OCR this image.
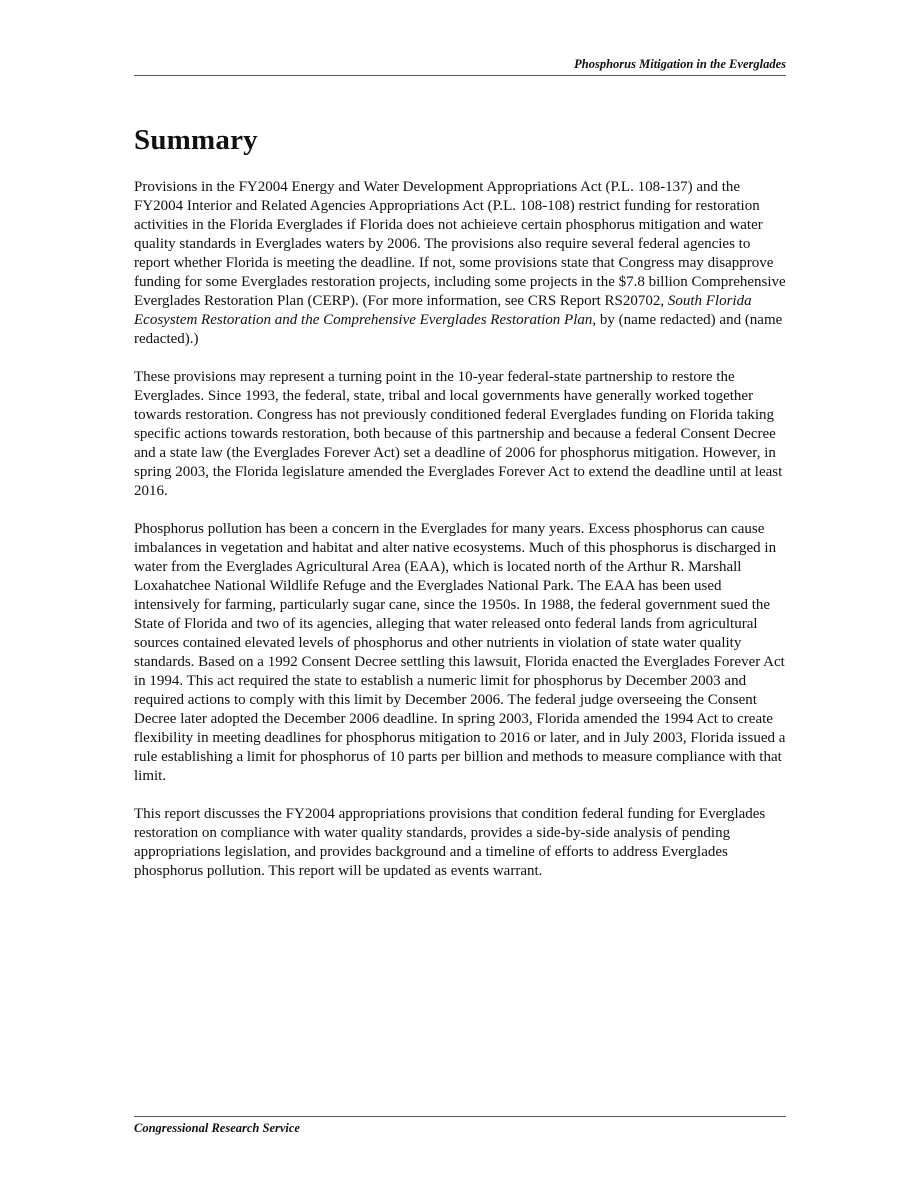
Phosphorus Mitigation in the Everglades
Summary

Provisions in the FY2004 Energy and Water Development Appropriations Act (P.L. 108-137) and the FY2004 Interior and Related Agencies Appropriations Act (P.L. 108-108) restrict funding for restoration activities in the Florida Everglades if Florida does not achieieve certain phosphorus mitigation and water quality standards in Everglades waters by 2006. The provisions also require several federal agencies to report whether Florida is meeting the deadline. If not, some provisions state that Congress may disapprove funding for some Everglades restoration projects, including some projects in the $7.8 billion Comprehensive Everglades Restoration Plan (CERP). (For more information, see CRS Report RS20702, South Florida Ecosystem Restoration and the Comprehensive Everglades Restoration Plan, by (name redacted) and (name redacted).)

These provisions may represent a turning point in the 10-year federal-state partnership to restore the Everglades. Since 1993, the federal, state, tribal and local governments have generally worked together towards restoration. Congress has not previously conditioned federal Everglades funding on Florida taking specific actions towards restoration, both because of this partnership and because a federal Consent Decree and a state law (the Everglades Forever Act) set a deadline of 2006 for phosphorus mitigation. However, in spring 2003, the Florida legislature amended the Everglades Forever Act to extend the deadline until at least 2016.

Phosphorus pollution has been a concern in the Everglades for many years. Excess phosphorus can cause imbalances in vegetation and habitat and alter native ecosystems. Much of this phosphorus is discharged in water from the Everglades Agricultural Area (EAA), which is located north of the Arthur R. Marshall Loxahatchee National Wildlife Refuge and the Everglades National Park. The EAA has been used intensively for farming, particularly sugar cane, since the 1950s. In 1988, the federal government sued the State of Florida and two of its agencies, alleging that water released onto federal lands from agricultural sources contained elevated levels of phosphorus and other nutrients in violation of state water quality standards. Based on a 1992 Consent Decree settling this lawsuit, Florida enacted the Everglades Forever Act in 1994. This act required the state to establish a numeric limit for phosphorus by December 2003 and required actions to comply with this limit by December 2006. The federal judge overseeing the Consent Decree later adopted the December 2006 deadline. In spring 2003, Florida amended the 1994 Act to create flexibility in meeting deadlines for phosphorus mitigation to 2016 or later, and in July 2003, Florida issued a rule establishing a limit for phosphorus of 10 parts per billion and methods to measure compliance with that limit.

This report discusses the FY2004 appropriations provisions that condition federal funding for Everglades restoration on compliance with water quality standards, provides a side-by-side analysis of pending appropriations legislation, and provides background and a timeline of efforts to address Everglades phosphorus pollution. This report will be updated as events warrant.

Congressional Research Service
